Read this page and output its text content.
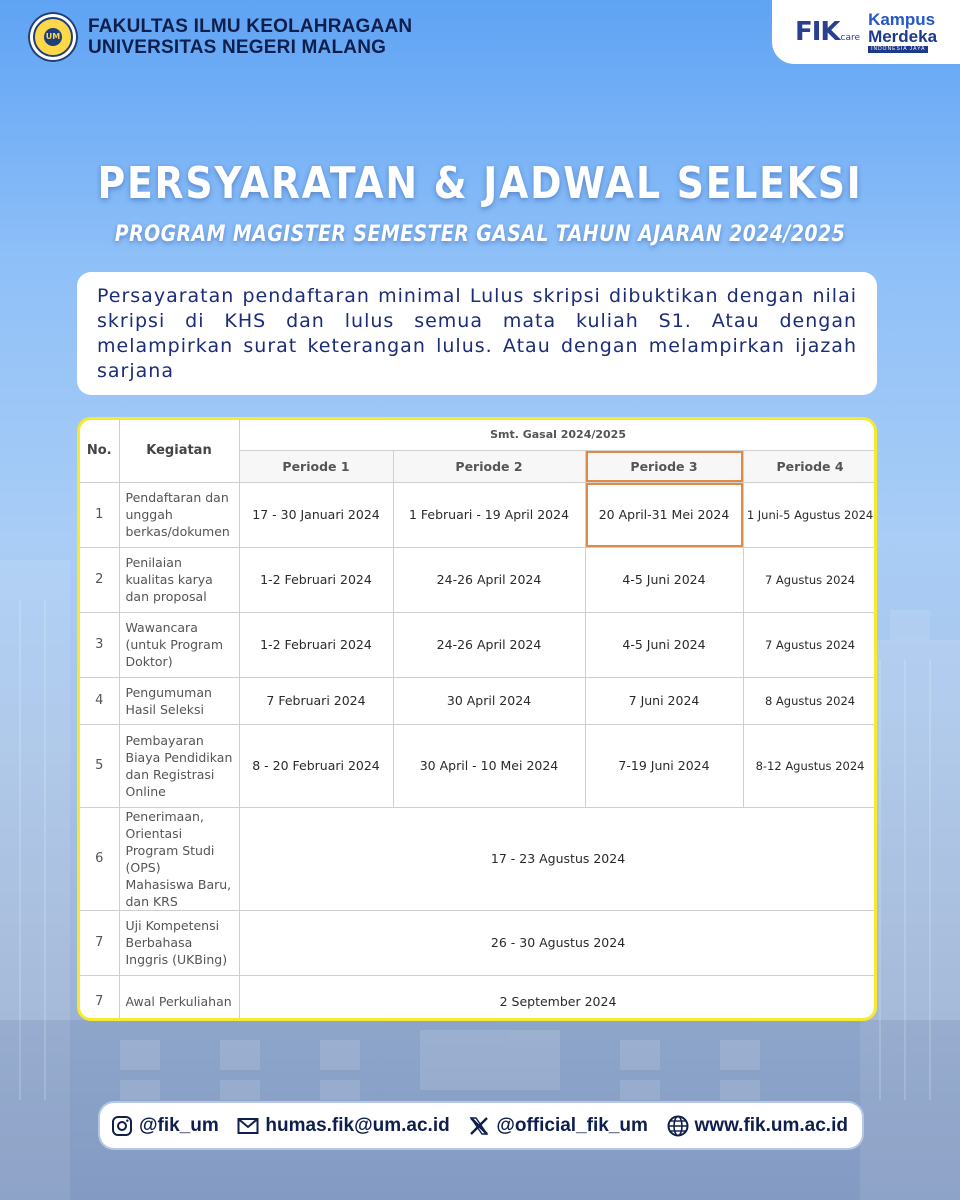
UM FAKULTAS ILMU KEOLAHRAGAAN
UNIVERSITAS NEGERI MALANG
FIKcare
Kampus
Merdeka
INDONESIA JAYA
PERSYARATAN & JADWAL SELEKSI
PROGRAM MAGISTER SEMESTER GASAL TAHUN AJARAN 2024/2025

Persayaratan pendaftaran minimal Lulus skripsi dibuktikan dengan nilai skripsi di KHS dan lulus semua mata kuliah S1. Atau dengan melampirkan surat keterangan lulus. Atau dengan melampirkan ijazah sarjana

No.	Kegiatan	Smt. Gasal 2024/2025			
		Periode 1	Periode 2	Periode 3	Periode 4
1	Pendaftaran dan unggah berkas/dokumen	17 - 30 Januari 2024	1 Februari - 19 April 2024	20 April-31 Mei 2024	1 Juni-5 Agustus 2024
2	Penilaian kualitas karya dan proposal	1-2 Februari 2024	24-26 April 2024	4-5 Juni 2024	7 Agustus 2024
3	Wawancara (untuk Program Doktor)	1-2 Februari 2024	24-26 April 2024	4-5 Juni 2024	7 Agustus 2024
4	Pengumuman Hasil Seleksi	7 Februari 2024	30 April 2024	7 Juni 2024	8 Agustus 2024
5	Pembayaran Biaya Pendidikan dan Registrasi Online	8 - 20 Februari 2024	30 April - 10 Mei 2024	7-19 Juni 2024	8-12 Agustus 2024
6	Penerimaan, Orientasi Program Studi (OPS) Mahasiswa Baru, dan KRS	17 - 23 Agustus 2024			
7	Uji Kompetensi Berbahasa Inggris (UKBing)	26 - 30 Agustus 2024			
7	Awal Perkuliahan	2 September 2024			
@fik_um humas.fik@um.ac.id @official_fik_um www.fik.um.ac.id
